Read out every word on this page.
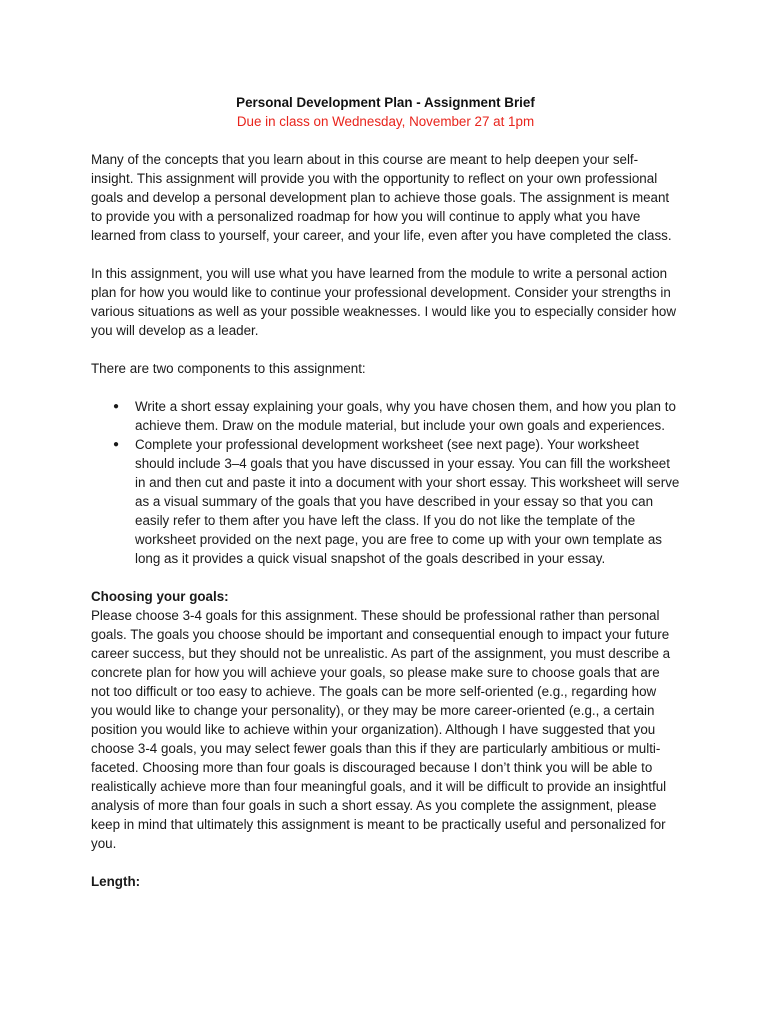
Personal Development Plan - Assignment Brief
Due in class on Wednesday, November 27 at 1pm

Many of the concepts that you learn about in this course are meant to help deepen your self-insight. This assignment will provide you with the opportunity to reflect on your own professional goals and develop a personal development plan to achieve those goals. The assignment is meant to provide you with a personalized roadmap for how you will continue to apply what you have learned from class to yourself, your career, and your life, even after you have completed the class.

In this assignment, you will use what you have learned from the module to write a personal action plan for how you would like to continue your professional development. Consider your strengths in various situations as well as your possible weaknesses. I would like you to especially consider how you will develop as a leader.

There are two components to this assignment:

● Write a short essay explaining your goals, why you have chosen them, and how you plan to achieve them. Draw on the module material, but include your own goals and experiences.
● Complete your professional development worksheet (see next page). Your worksheet should include 3–4 goals that you have discussed in your essay. You can fill the worksheet in and then cut and paste it into a document with your short essay. This worksheet will serve as a visual summary of the goals that you have described in your essay so that you can easily refer to them after you have left the class. If you do not like the template of the worksheet provided on the next page, you are free to come up with your own template as long as it provides a quick visual snapshot of the goals described in your essay.
Choosing your goals:

Please choose 3-4 goals for this assignment. These should be professional rather than personal goals. The goals you choose should be important and consequential enough to impact your future career success, but they should not be unrealistic. As part of the assignment, you must describe a concrete plan for how you will achieve your goals, so please make sure to choose goals that are not too difficult or too easy to achieve. The goals can be more self-oriented (e.g., regarding how you would like to change your personality), or they may be more career-oriented (e.g., a certain position you would like to achieve within your organization). Although I have suggested that you choose 3-4 goals, you may select fewer goals than this if they are particularly ambitious or multi-faceted. Choosing more than four goals is discouraged because I don’t think you will be able to realistically achieve more than four meaningful goals, and it will be difficult to provide an insightful analysis of more than four goals in such a short essay. As you complete the assignment, please keep in mind that ultimately this assignment is meant to be practically useful and personalized for you.

Length:
